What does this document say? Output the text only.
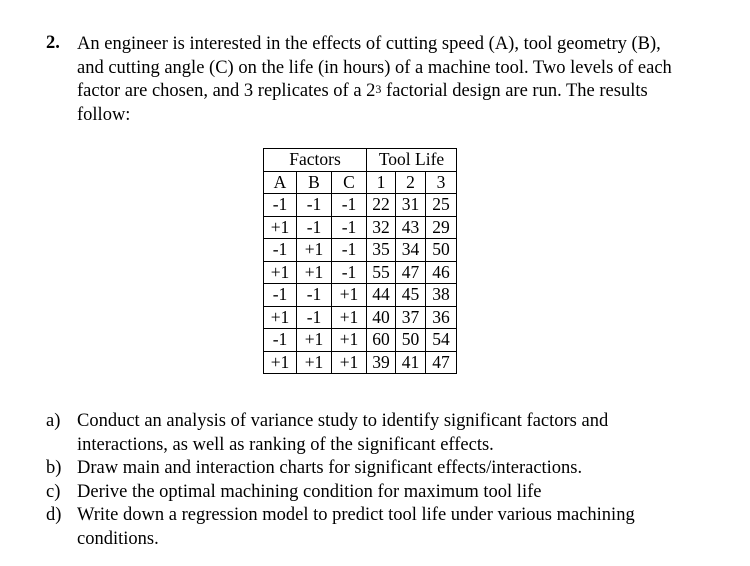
2. An engineer is interested in the effects of cutting speed (A), tool geometry (B),
and cutting angle (C) on the life (in hours) of a machine tool. Two levels of each
factor are chosen, and 3 replicates of a $2^3$ factorial design are run. The results
follow:
Factors			Tool Life		
A	B	C	1	2	3
-1	-1	-1	22	31	25
+1	-1	-1	32	43	29
-1	+1	-1	35	34	50
+1	+1	-1	55	47	46
-1	-1	+1	44	45	38
+1	-1	+1	40	37	36
-1	+1	+1	60	50	54
+1	+1	+1	39	41	47
a) Conduct an analysis of variance study to identify significant factors and
interactions, as well as ranking of the significant effects.
b) Draw main and interaction charts for significant effects/interactions.
c) Derive the optimal machining condition for maximum tool life
d) Write down a regression model to predict tool life under various machining
conditions.
